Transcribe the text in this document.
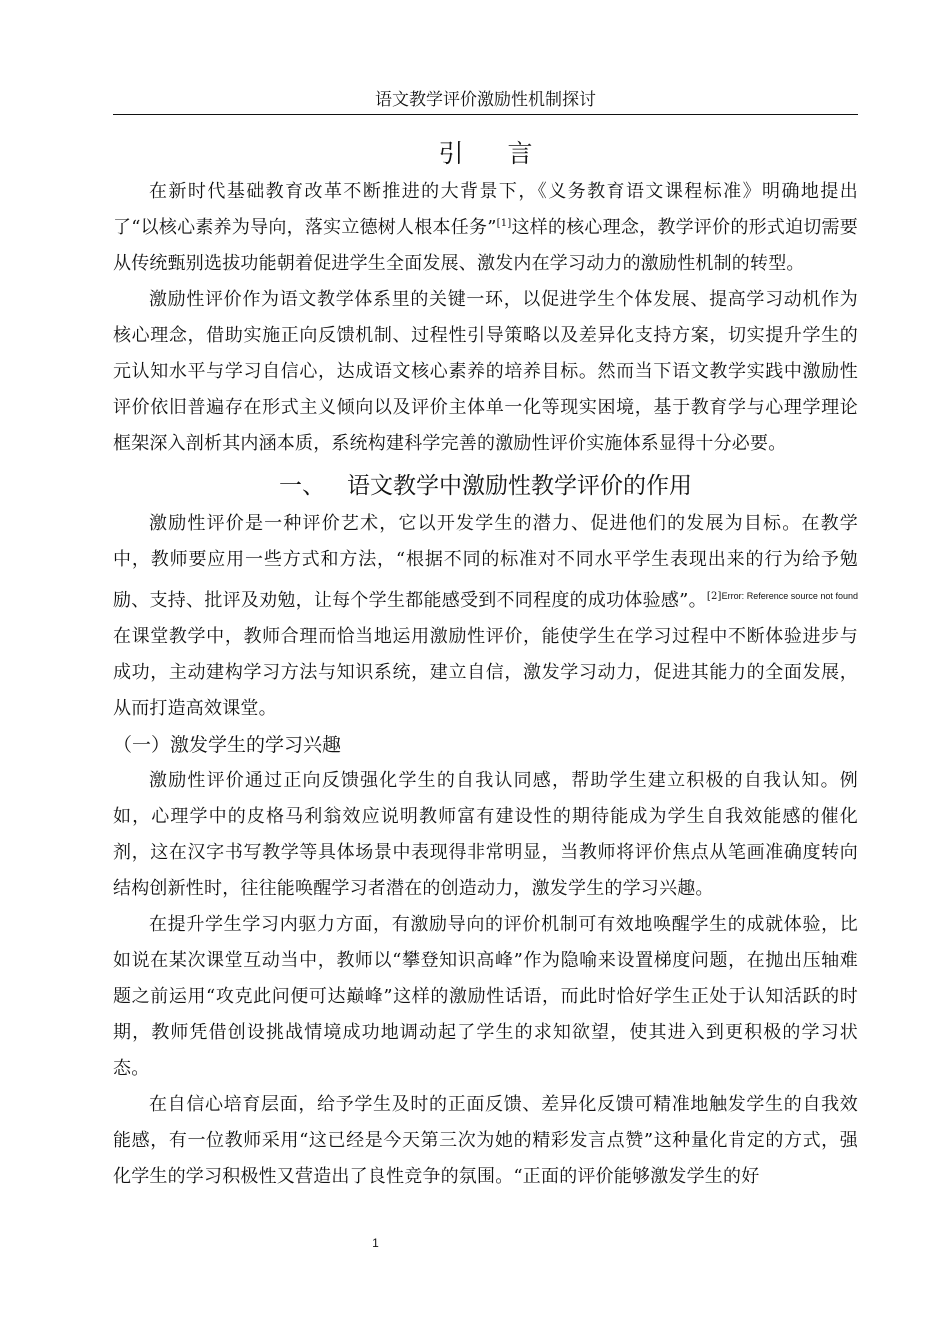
语文教学评价激励性机制探讨
引 言

在新时代基础教育改革不断推进的大背景下，《义务教育语文课程标准》明确地提出了“以核心素养为导向，落实立德树人根本任务”[1]这样的核心理念，教学评价的形式迫切需要从传统甄别选拔功能朝着促进学生全面发展、激发内在学习动力的激励性机制的转型。

激励性评价作为语文教学体系里的关键一环，以促进学生个体发展、提高学习动机作为核心理念，借助实施正向反馈机制、过程性引导策略以及差异化支持方案，切实提升学生的元认知水平与学习自信心，达成语文核心素养的培养目标。然而当下语文教学实践中激励性评价依旧普遍存在形式主义倾向以及评价主体单一化等现实困境，基于教育学与心理学理论框架深入剖析其内涵本质，系统构建科学完善的激励性评价实施体系显得十分必要。

一、 语文教学中激励性教学评价的作用

激励性评价是一种评价艺术，它以开发学生的潜力、促进他们的发展为目标。在教学中，教师要应用一些方式和方法，“根据不同的标准对不同水平学生表现出来的行为给予勉励、支持、批评及劝勉，让每个学生都能感受到不同程度的成功体验感”。$^{[2]Error: Reference source not found}$在课堂教学中，教师合理而恰当地运用激励性评价，能使学生在学习过程中不断体验进步与成功，主动建构学习方法与知识系统，建立自信，激发学习动力，促进其能力的全面发展，从而打造高效课堂。

（一）激发学生的学习兴趣

激励性评价通过正向反馈强化学生的自我认同感，帮助学生建立积极的自我认知。例如，心理学中的皮格马利翁效应说明教师富有建设性的期待能成为学生自我效能感的催化剂，这在汉字书写教学等具体场景中表现得非常明显，当教师将评价焦点从笔画准确度转向结构创新性时，往往能唤醒学习者潜在的创造动力，激发学生的学习兴趣。

在提升学生学习内驱力方面，有激励导向的评价机制可有效地唤醒学生的成就体验，比如说在某次课堂互动当中，教师以“攀登知识高峰”作为隐喻来设置梯度问题，在抛出压轴难题之前运用“攻克此问便可达巅峰”这样的激励性话语，而此时恰好学生正处于认知活跃的时期，教师凭借创设挑战情境成功地调动起了学生的求知欲望，使其进入到更积极的学习状态。

在自信心培育层面，给予学生及时的正面反馈、差异化反馈可精准地触发学生的自我效能感，有一位教师采用“这已经是今天第三次为她的精彩发言点赞”这种量化肯定的方式，强化学生的学习积极性又营造出了良性竞争的氛围。“正面的评价能够激发学生的好

1
